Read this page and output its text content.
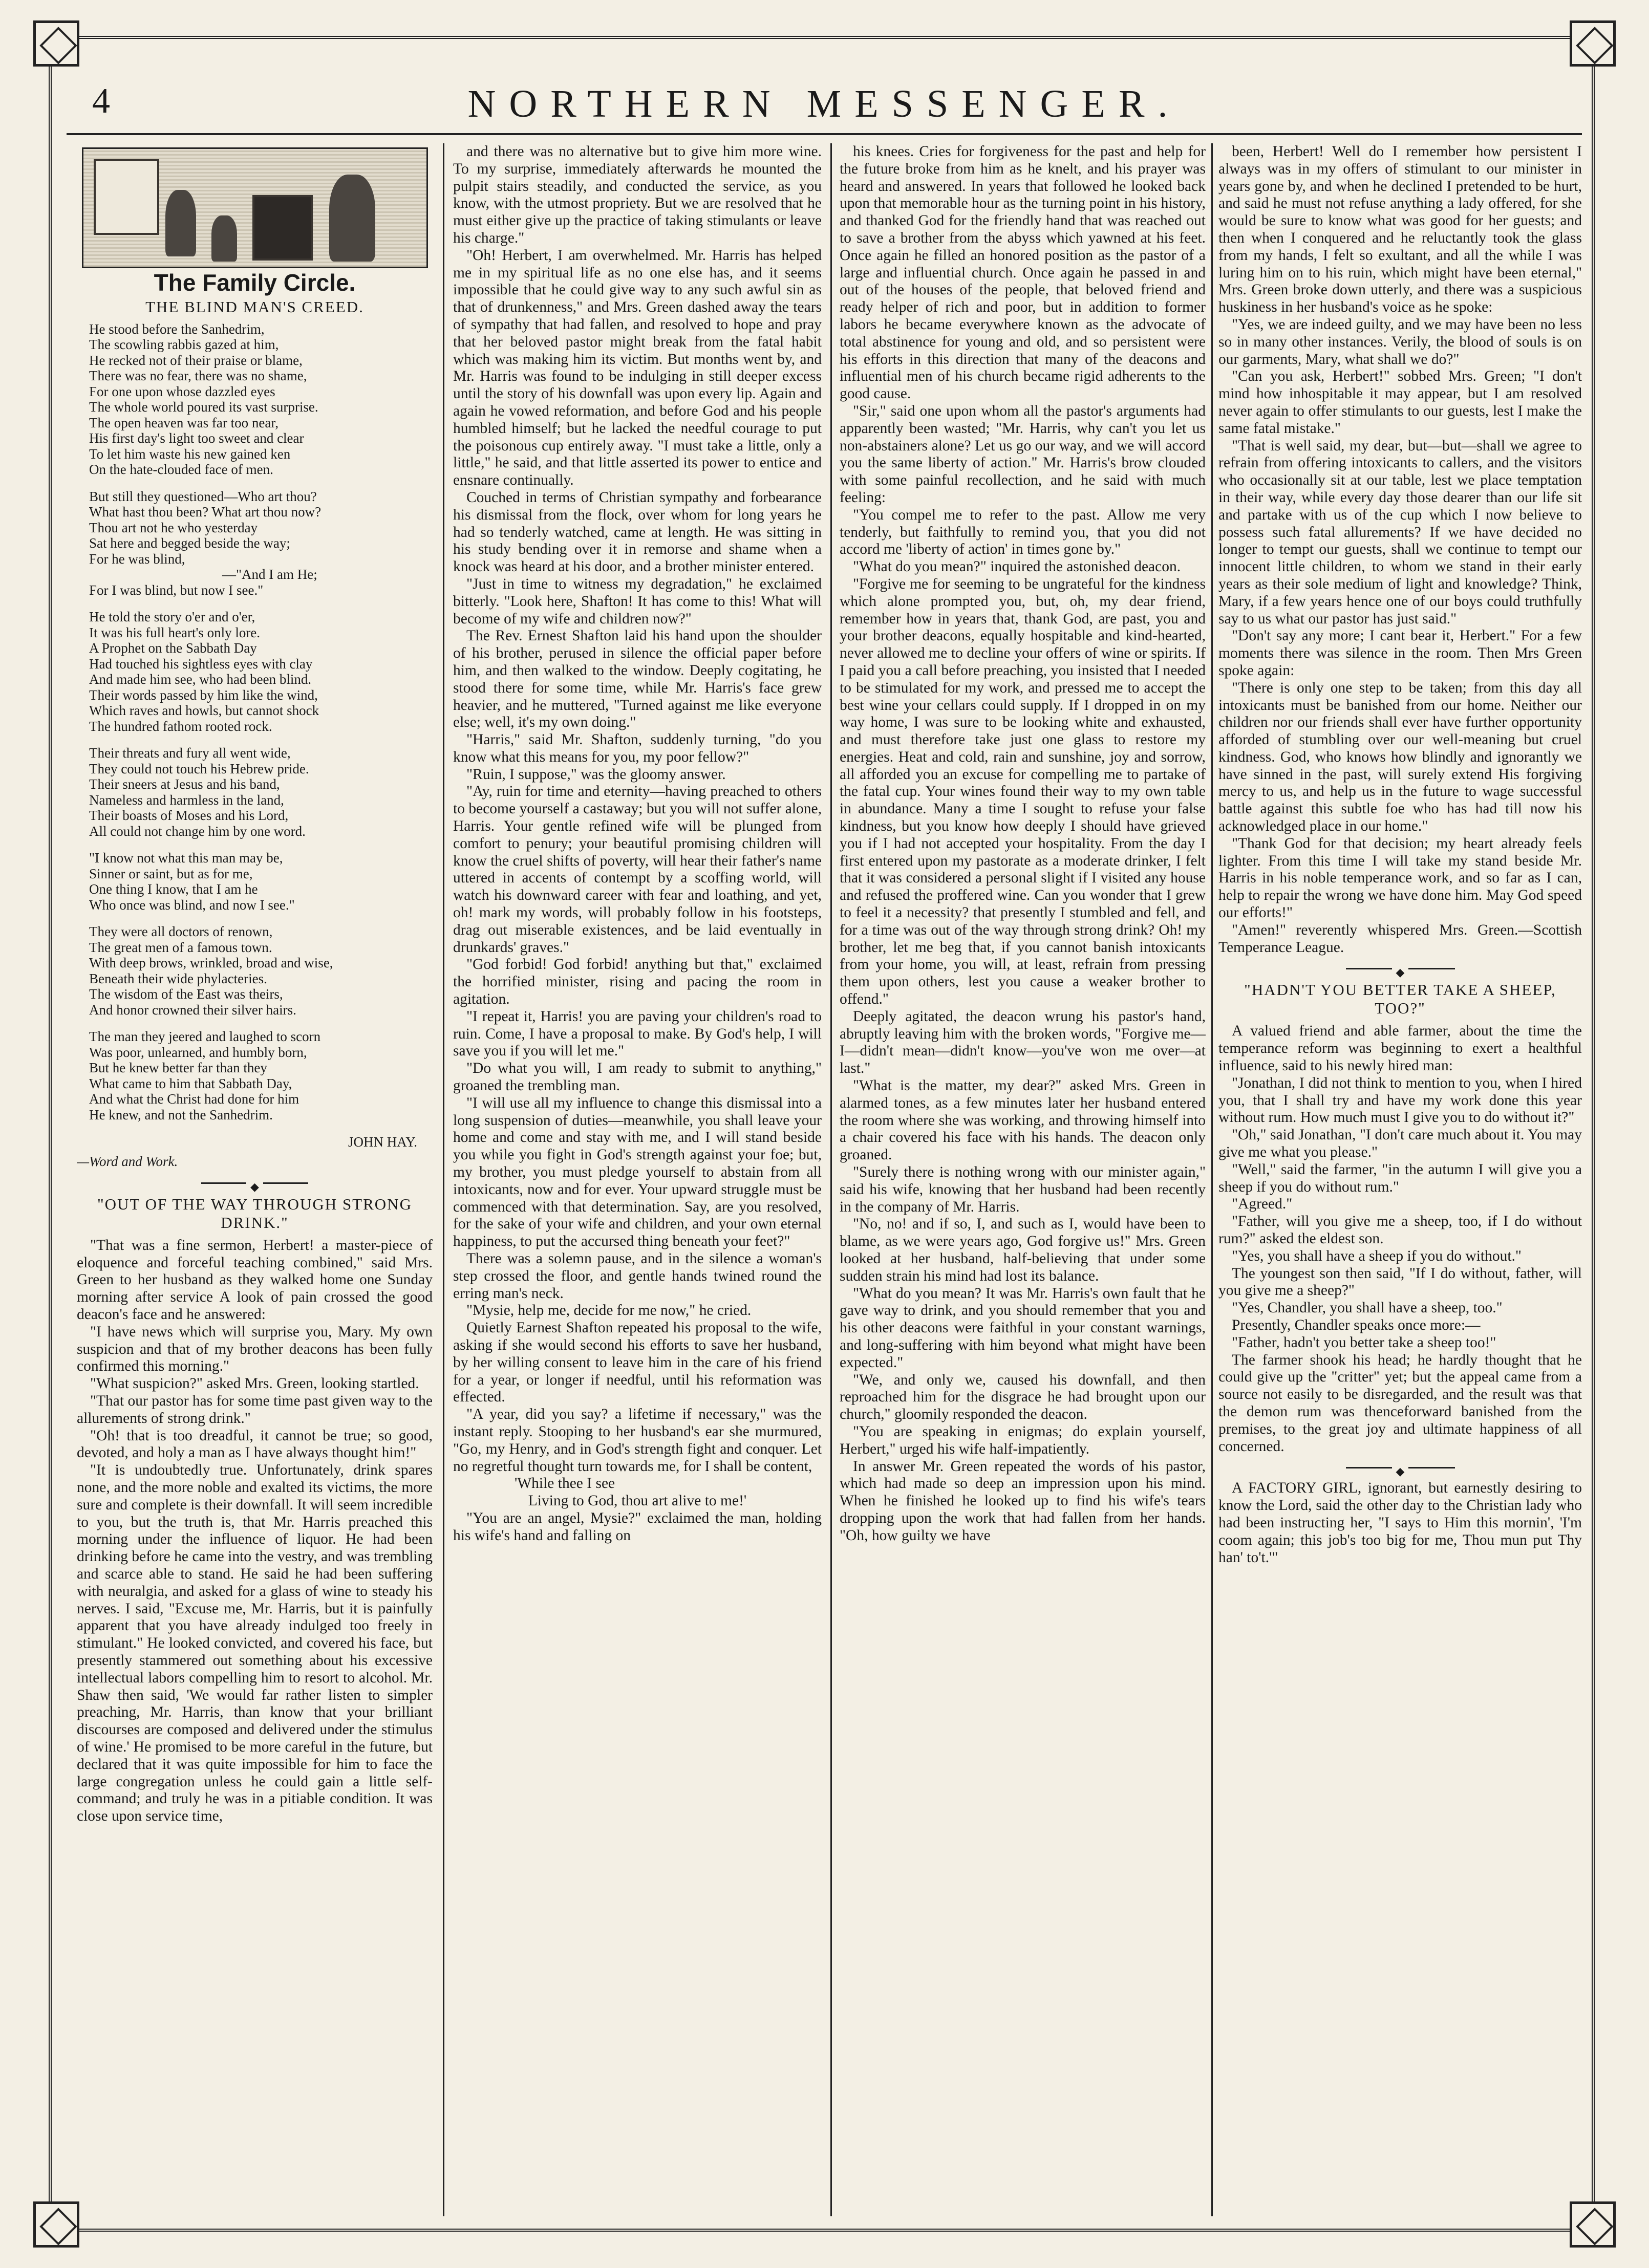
4	NORTHERN MESSENGER.
The Family Circle.
THE BLIND MAN'S CREED.
He stood before the Sanhedrim,
The scowling rabbis gazed at him,
He recked not of their praise or blame,
There was no fear, there was no shame,
For one upon whose dazzled eyes
The whole world poured its vast surprise.
The open heaven was far too near,
His first day's light too sweet and clear
To let him waste his new gained ken
On the hate-clouded face of men.
But still they questioned—Who art thou?
What hast thou been? What art thou now?
Thou art not he who yesterday
Sat here and begged beside the way;
For he was blind,
—"And I am He;
For I was blind, but now I see."
He told the story o'er and o'er,
It was his full heart's only lore.
A Prophet on the Sabbath Day
Had touched his sightless eyes with clay
And made him see, who had been blind.
Their words passed by him like the wind,
Which raves and howls, but cannot shock
The hundred fathom rooted rock.
Their threats and fury all went wide,
They could not touch his Hebrew pride.
Their sneers at Jesus and his band,
Nameless and harmless in the land,
Their boasts of Moses and his Lord,
All could not change him by one word.
"I know not what this man may be,
Sinner or saint, but as for me,
One thing I know, that I am he
Who once was blind, and now I see."
They were all doctors of renown,
The great men of a famous town.
With deep brows, wrinkled, broad and wise,
Beneath their wide phylacteries.
The wisdom of the East was theirs,
And honor crowned their silver hairs.
The man they jeered and laughed to scorn
Was poor, unlearned, and humbly born,
But he knew better far than they
What came to him that Sabbath Day,
And what the Christ had done for him
He knew, and not the Sanhedrim.
JOHN HAY.
—Word and Work.
◆
"OUT OF THE WAY THROUGH STRONG DRINK."

"That was a fine sermon, Herbert! a master-piece of eloquence and forceful teaching combined," said Mrs. Green to her husband as they walked home one Sunday morning after service A look of pain crossed the good deacon's face and he answered:

"I have news which will surprise you, Mary. My own suspicion and that of my brother deacons has been fully confirmed this morning."

"What suspicion?" asked Mrs. Green, looking startled.

"That our pastor has for some time past given way to the allurements of strong drink."

"Oh! that is too dreadful, it cannot be true; so good, devoted, and holy a man as I have always thought him!"

"It is undoubtedly true. Unfortunately, drink spares none, and the more noble and exalted its victims, the more sure and complete is their downfall. It will seem incredible to you, but the truth is, that Mr. Harris preached this morning under the influence of liquor. He had been drinking before he came into the vestry, and was trembling and scarce able to stand. He said he had been suffering with neuralgia, and asked for a glass of wine to steady his nerves. I said, "Excuse me, Mr. Harris, but it is painfully apparent that you have already indulged too freely in stimulant." He looked convicted, and covered his face, but presently stammered out something about his excessive intellectual labors compelling him to resort to alcohol. Mr. Shaw then said, 'We would far rather listen to simpler preaching, Mr. Harris, than know that your brilliant discourses are composed and delivered under the stimulus of wine.' He promised to be more careful in the future, but declared that it was quite impossible for him to face the large congregation unless he could gain a little self-command; and truly he was in a pitiable condition. It was close upon service time,

and there was no alternative but to give him more wine. To my surprise, immediately afterwards he mounted the pulpit stairs steadily, and conducted the service, as you know, with the utmost propriety. But we are resolved that he must either give up the practice of taking stimulants or leave his charge."

"Oh! Herbert, I am overwhelmed. Mr. Harris has helped me in my spiritual life as no one else has, and it seems impossible that he could give way to any such awful sin as that of drunkenness," and Mrs. Green dashed away the tears of sympathy that had fallen, and resolved to hope and pray that her beloved pastor might break from the fatal habit which was making him its victim. But months went by, and Mr. Harris was found to be indulging in still deeper excess until the story of his downfall was upon every lip. Again and again he vowed reformation, and before God and his people humbled himself; but he lacked the needful courage to put the poisonous cup entirely away. "I must take a little, only a little," he said, and that little asserted its power to entice and ensnare continually.

Couched in terms of Christian sympathy and forbearance his dismissal from the flock, over whom for long years he had so tenderly watched, came at length. He was sitting in his study bending over it in remorse and shame when a knock was heard at his door, and a brother minister entered.

"Just in time to witness my degradation," he exclaimed bitterly. "Look here, Shafton! It has come to this! What will become of my wife and children now?"

The Rev. Ernest Shafton laid his hand upon the shoulder of his brother, perused in silence the official paper before him, and then walked to the window. Deeply cogitating, he stood there for some time, while Mr. Harris's face grew heavier, and he muttered, "Turned against me like everyone else; well, it's my own doing."

"Harris," said Mr. Shafton, suddenly turning, "do you know what this means for you, my poor fellow?"

"Ruin, I suppose," was the gloomy answer.

"Ay, ruin for time and eternity—having preached to others to become yourself a castaway; but you will not suffer alone, Harris. Your gentle refined wife will be plunged from comfort to penury; your beautiful promising children will know the cruel shifts of poverty, will hear their father's name uttered in accents of contempt by a scoffing world, will watch his downward career with fear and loathing, and yet, oh! mark my words, will probably follow in his footsteps, drag out miserable existences, and be laid eventually in drunkards' graves."

"God forbid! God forbid! anything but that," exclaimed the horrified minister, rising and pacing the room in agitation.

"I repeat it, Harris! you are paving your children's road to ruin. Come, I have a proposal to make. By God's help, I will save you if you will let me."

"Do what you will, I am ready to submit to anything," groaned the trembling man.

"I will use all my influence to change this dismissal into a long suspension of duties—meanwhile, you shall leave your home and come and stay with me, and I will stand beside you while you fight in God's strength against your foe; but, my brother, you must pledge yourself to abstain from all intoxicants, now and for ever. Your upward struggle must be commenced with that determination. Say, are you resolved, for the sake of your wife and children, and your own eternal happiness, to put the accursed thing beneath your feet?"

There was a solemn pause, and in the silence a woman's step crossed the floor, and gentle hands twined round the erring man's neck.

"Mysie, help me, decide for me now," he cried.

Quietly Earnest Shafton repeated his proposal to the wife, asking if she would second his efforts to save her husband, by her willing consent to leave him in the care of his friend for a year, or longer if needful, until his reformation was effected.

"A year, did you say? a lifetime if necessary," was the instant reply. Stooping to her husband's ear she murmured, "Go, my Henry, and in God's strength fight and conquer. Let no regretful thought turn towards me, for I shall be content,

'While thee I see
Living to God, thou art alive to me!'

"You are an angel, Mysie?" exclaimed the man, holding his wife's hand and falling on

his knees. Cries for forgiveness for the past and help for the future broke from him as he knelt, and his prayer was heard and answered. In years that followed he looked back upon that memorable hour as the turning point in his history, and thanked God for the friendly hand that was reached out to save a brother from the abyss which yawned at his feet. Once again he filled an honored position as the pastor of a large and influential church. Once again he passed in and out of the houses of the people, that beloved friend and ready helper of rich and poor, but in addition to former labors he became everywhere known as the advocate of total abstinence for young and old, and so persistent were his efforts in this direction that many of the deacons and influential men of his church became rigid adherents to the good cause.

"Sir," said one upon whom all the pastor's arguments had apparently been wasted; "Mr. Harris, why can't you let us non-abstainers alone? Let us go our way, and we will accord you the same liberty of action." Mr. Harris's brow clouded with some painful recollection, and he said with much feeling:

"You compel me to refer to the past. Allow me very tenderly, but faithfully to remind you, that you did not accord me 'liberty of action' in times gone by."

"What do you mean?" inquired the astonished deacon.

"Forgive me for seeming to be ungrateful for the kindness which alone prompted you, but, oh, my dear friend, remember how in years that, thank God, are past, you and your brother deacons, equally hospitable and kind-hearted, never allowed me to decline your offers of wine or spirits. If I paid you a call before preaching, you insisted that I needed to be stimulated for my work, and pressed me to accept the best wine your cellars could supply. If I dropped in on my way home, I was sure to be looking white and exhausted, and must therefore take just one glass to restore my energies. Heat and cold, rain and sunshine, joy and sorrow, all afforded you an excuse for compelling me to partake of the fatal cup. Your wines found their way to my own table in abundance. Many a time I sought to refuse your false kindness, but you know how deeply I should have grieved you if I had not accepted your hospitality. From the day I first entered upon my pastorate as a moderate drinker, I felt that it was considered a personal slight if I visited any house and refused the proffered wine. Can you wonder that I grew to feel it a necessity? that presently I stumbled and fell, and for a time was out of the way through strong drink? Oh! my brother, let me beg that, if you cannot banish intoxicants from your home, you will, at least, refrain from pressing them upon others, lest you cause a weaker brother to offend."

Deeply agitated, the deacon wrung his pastor's hand, abruptly leaving him with the broken words, "Forgive me—I—didn't mean—didn't know—you've won me over—at last."

"What is the matter, my dear?" asked Mrs. Green in alarmed tones, as a few minutes later her husband entered the room where she was working, and throwing himself into a chair covered his face with his hands. The deacon only groaned.

"Surely there is nothing wrong with our minister again," said his wife, knowing that her husband had been recently in the company of Mr. Harris.

"No, no! and if so, I, and such as I, would have been to blame, as we were years ago, God forgive us!" Mrs. Green looked at her husband, half-believing that under some sudden strain his mind had lost its balance.

"What do you mean? It was Mr. Harris's own fault that he gave way to drink, and you should remember that you and his other deacons were faithful in your constant warnings, and long-suffering with him beyond what might have been expected."

"We, and only we, caused his downfall, and then reproached him for the disgrace he had brought upon our church," gloomily responded the deacon.

"You are speaking in enigmas; do explain yourself, Herbert," urged his wife half-impatiently.

In answer Mr. Green repeated the words of his pastor, which had made so deep an impression upon his mind. When he finished he looked up to find his wife's tears dropping upon the work that had fallen from her hands. "Oh, how guilty we have

been, Herbert! Well do I remember how persistent I always was in my offers of stimulant to our minister in years gone by, and when he declined I pretended to be hurt, and said he must not refuse anything a lady offered, for she would be sure to know what was good for her guests; and then when I conquered and he reluctantly took the glass from my hands, I felt so exultant, and all the while I was luring him on to his ruin, which might have been eternal," Mrs. Green broke down utterly, and there was a suspicious huskiness in her husband's voice as he spoke:

"Yes, we are indeed guilty, and we may have been no less so in many other instances. Verily, the blood of souls is on our garments, Mary, what shall we do?"

"Can you ask, Herbert!" sobbed Mrs. Green; "I don't mind how inhospitable it may appear, but I am resolved never again to offer stimulants to our guests, lest I make the same fatal mistake."

"That is well said, my dear, but—but—shall we agree to refrain from offering intoxicants to callers, and the visitors who occasionally sit at our table, lest we place temptation in their way, while every day those dearer than our life sit and partake with us of the cup which I now believe to possess such fatal allurements? If we have decided no longer to tempt our guests, shall we continue to tempt our innocent little children, to whom we stand in their early years as their sole medium of light and knowledge? Think, Mary, if a few years hence one of our boys could truthfully say to us what our pastor has just said."

"Don't say any more; I cant bear it, Herbert." For a few moments there was silence in the room. Then Mrs Green spoke again:

"There is only one step to be taken; from this day all intoxicants must be banished from our home. Neither our children nor our friends shall ever have further opportunity afforded of stumbling over our well-meaning but cruel kindness. God, who knows how blindly and ignorantly we have sinned in the past, will surely extend His forgiving mercy to us, and help us in the future to wage successful battle against this subtle foe who has had till now his acknowledged place in our home."

"Thank God for that decision; my heart already feels lighter. From this time I will take my stand beside Mr. Harris in his noble temperance work, and so far as I can, help to repair the wrong we have done him. May God speed our efforts!"

"Amen!" reverently whispered Mrs. Green.—Scottish Temperance League.

◆
"HADN'T YOU BETTER TAKE A SHEEP, TOO?"

A valued friend and able farmer, about the time the temperance reform was beginning to exert a healthful influence, said to his newly hired man:

"Jonathan, I did not think to mention to you, when I hired you, that I shall try and have my work done this year without rum. How much must I give you to do without it?"

"Oh," said Jonathan, "I don't care much about it. You may give me what you please."

"Well," said the farmer, "in the autumn I will give you a sheep if you do without rum."

"Agreed."

"Father, will you give me a sheep, too, if I do without rum?" asked the eldest son.

"Yes, you shall have a sheep if you do without."

The youngest son then said, "If I do without, father, will you give me a sheep?"

"Yes, Chandler, you shall have a sheep, too."

Presently, Chandler speaks once more:—

"Father, hadn't you better take a sheep too!"

The farmer shook his head; he hardly thought that he could give up the "critter" yet; but the appeal came from a source not easily to be disregarded, and the result was that the demon rum was thenceforward banished from the premises, to the great joy and ultimate happiness of all concerned.

◆

A FACTORY GIRL, ignorant, but earnestly desiring to know the Lord, said the other day to the Christian lady who had been instructing her, "I says to Him this mornin', 'I'm coom again; this job's too big for me, Thou mun put Thy han' to't.'"
